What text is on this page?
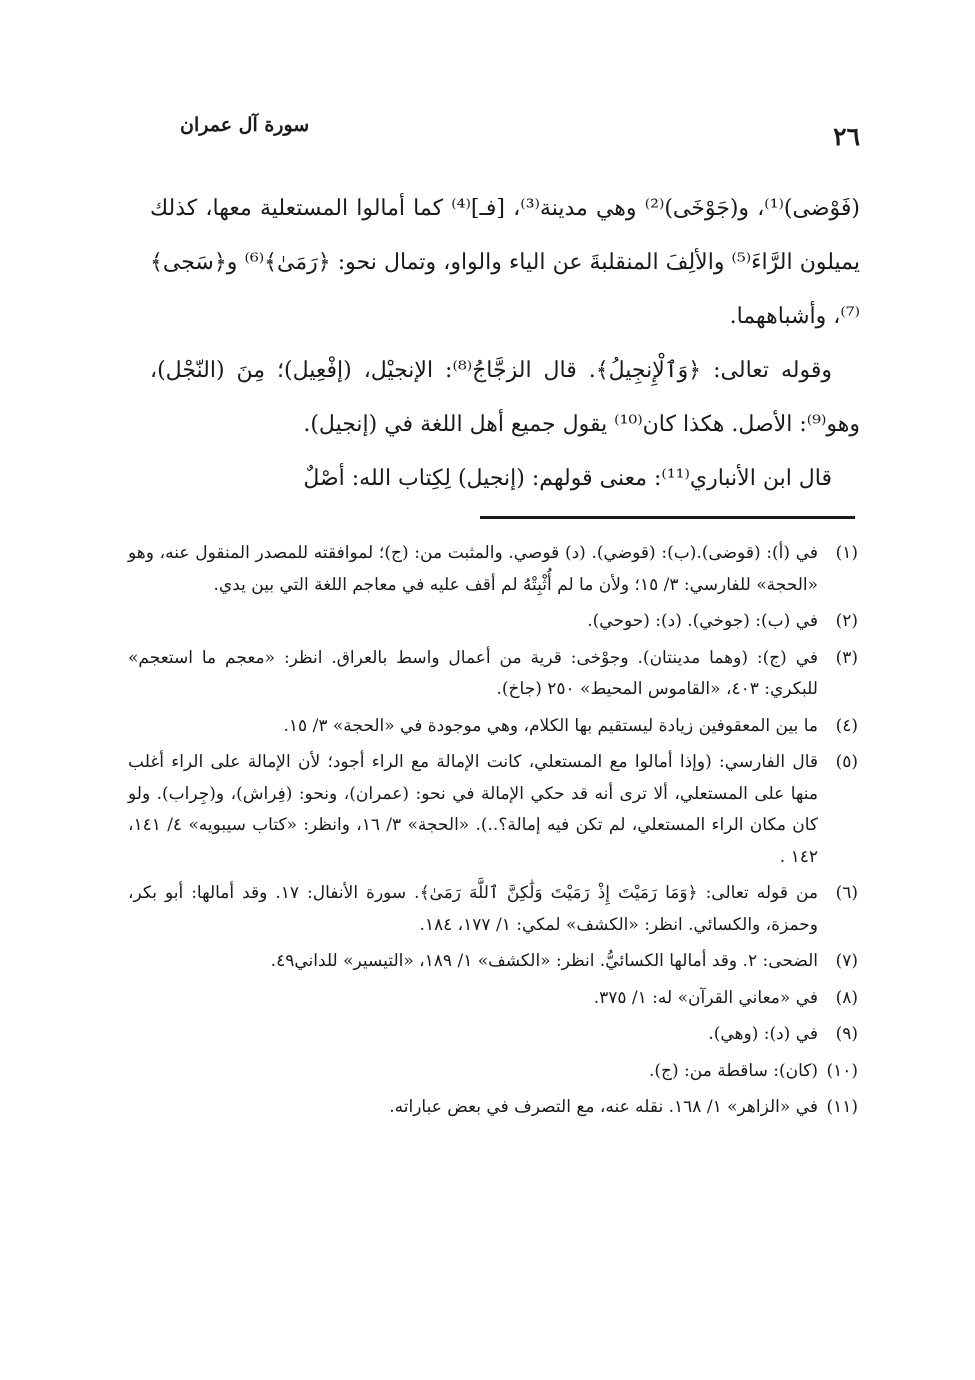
سورة آل عمران	٢٦

(فَوْضى)⁽¹⁾، و(جَوْخَى)⁽²⁾ وهي مدينة⁽³⁾، [فـ]⁽⁴⁾ كما أمالوا المستعلية معها، كذلك يميلون الرَّاءَ⁽⁵⁾ والألِفَ المنقلبةَ عن الياء والواو، وتمال نحو: ﴿رَمَىٰ﴾⁽⁶⁾ و﴿سَجى﴾⁽⁷⁾، وأشباههما.

وقوله تعالى: ﴿وَٱلْإِنجِيلُ﴾. قال الزجَّاجُ⁽⁸⁾: الإنجيْل، (إفْعِيل)؛ مِنَ (النّجْل)، وهو⁽⁹⁾: الأصل. هكذا كان⁽¹⁰⁾ يقول جميع أهل اللغة في (إنجيل).

قال ابن الأنباري⁽¹¹⁾: معنى قولهم: (إنجيل) لِكِتاب الله: أصْلٌ

(١)
في (أ): (قوضى).(ب): (قوضي). (د) قوصي. والمثبت من: (ج)؛ لموافقته للمصدر المنقول عنه، وهو «الحجة» للفارسي: ٣/ ١٥؛ ولأن ما لم أُثْبِتْهُ لم أقف عليه في معاجم اللغة التي بين يدي.
(٢)
في (ب): (جوخي). (د): (حوحي).
(٣)
في (ج): (وهما مدينتان). وجوْخى: قرية من أعمال واسط بالعراق. انظر: «معجم ما استعجم» للبكري: ٤٠٣، «القاموس المحيط» ٢٥٠ (جاخ).
(٤)
ما بين المعقوفين زيادة ليستقيم بها الكلام، وهي موجودة في «الحجة» ٣/ ١٥.
(٥)
قال الفارسي: (وإذا أمالوا مع المستعلي، كانت الإمالة مع الراء أجود؛ لأن الإمالة على الراء أغلب منها على المستعلي، ألا ترى أنه قد حكي الإمالة في نحو: (عمران)، ونحو: (فِراش)، و(جِراب). ولو كان مكان الراء المستعلي، لم تكن فيه إمالة؟..). «الحجة» ٣/ ١٦، وانظر: «كتاب سيبويه» ٤/ ١٤١، ١٤٢ .
(٦)
من قوله تعالى: ﴿وَمَا رَمَيْتَ إِذْ رَمَيْتَ وَلَٰكِنَّ ٱللَّهَ رَمَىٰ﴾. سورة الأنفال: ١٧. وقد أمالها: أبو بكر، وحمزة، والكسائي. انظر: «الكشف» لمكي: ١/ ١٧٧، ١٨٤.
(٧)
الضحى: ٢. وقد أمالها الكسائيُّ. انظر: «الكشف» ١/ ١٨٩، «التيسير» للداني٤٩.
(٨)
في «معاني القرآن» له: ١/ ٣٧٥.
(٩)
في (د): (وهي).
(١٠)
(كان): ساقطة من: (ج).
(١١)
في «الزاهر» ١/ ١٦٨. نقله عنه، مع التصرف في بعض عباراته.
